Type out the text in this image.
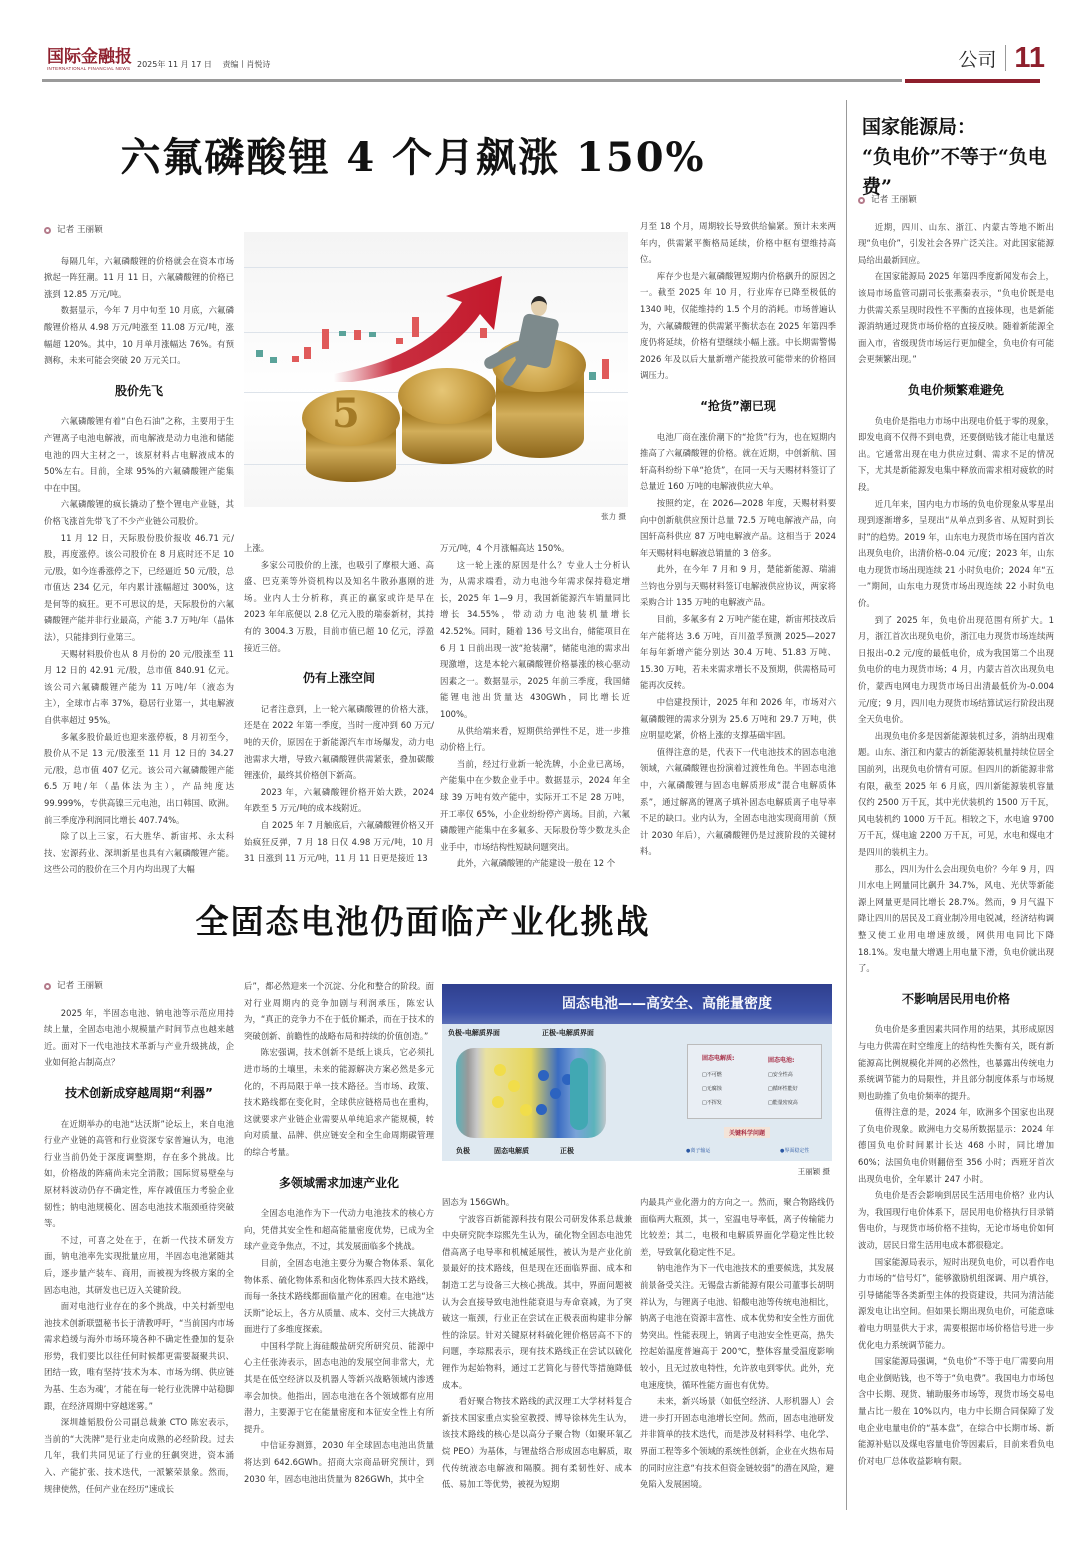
国际金融报
INTERNATIONAL FINANCIAL NEWS 2025年 11 月 17 日 责编丨肖悦诗	公司 11
六氟磷酸锂 4 个月飙涨 150%
记者 王丽颖

每隔几年，六氟磷酸锂的价格就会在资本市场掀起一阵狂潮。11 月 11 日，六氟磷酸锂的价格已涨到 12.85 万元/吨。

数据显示，今年 7 月中旬至 10 月底，六氟磷酸锂价格从 4.98 万元/吨涨至 11.08 万元/吨，涨幅超 120%。其中，10 月单月涨幅达 76%。有预测称，未来可能会突破 20 万元关口。

股价先飞

六氟磷酸锂有着“白色石油”之称，主要用于生产锂离子电池电解液，而电解液是动力电池和储能电池的四大主材之一，该原材料占电解液成本的 50%左右。目前，全球 95%的六氟磷酸锂产能集中在中国。

六氟磷酸锂的疯长撬动了整个锂电产业链，其价格飞涨首先带飞了不少产业链公司股价。

11 月 12 日，天际股份股价报收 46.71 元/股，再度涨停。该公司股价在 8 月底时还不足 10 元/股，如今连番涨停之下，已经逼近 50 元/股，总市值达 234 亿元，年内累计涨幅超过 300%，这是何等的疯狂。更不可思议的是，天际股份的六氟磷酸锂产能并非行业最高，产能 3.7 万吨/年（晶体法），只能排到行业第三。

天赐材料股价也从 8 月份的 20 元/股涨至 11 月 12 日的 42.91 元/股，总市值 840.91 亿元。该公司六氟磷酸锂产能为 11 万吨/年（液态为主），全球市占率 37%，稳居行业第一，其电解液自供率超过 95%。

多氟多股价最近也迎来涨停板，8 月初至今，股价从不足 13 元/股涨至 11 月 12 日的 34.27 元/股，总市值 407 亿元。该公司六氟磷酸锂产能 6.5 万吨/年（晶体法为主），产品纯度达 99.999%，专供高镍三元电池，出口韩国、欧洲。前三季度净利润同比增长 407.74%。

除了以上三家，石大胜华、新宙邦、永太科技、宏源药业、深圳新星也具有六氟磷酸锂产能。这些公司的股价在三个月内均出现了大幅

5
张力 摄

上涨。

多家公司股价的上涨，也吸引了摩根大通、高盛、巴克莱等外资机构以及知名牛散孙惠刚的进场。业内人士分析称，真正的赢家或许是早在 2023 年年底便以 2.8 亿元入股的瑞泰新材，其持有的 3004.3 万股，目前市值已超 10 亿元，浮盈接近三倍。

仍有上涨空间

记者注意到，上一轮六氟磷酸锂的价格大涨，还是在 2022 年第一季度，当时一度冲到 60 万元/吨的天价，原因在于新能源汽车市场爆发，动力电池需求大增，导致六氟磷酸锂供需紧张，叠加碳酸锂涨价，最终其价格创下新高。

2023 年，六氟磷酸锂价格开始大跌，2024 年跌至 5 万元/吨的成本线附近。

自 2025 年 7 月触底后，六氟磷酸锂价格又开始疯狂反弹，7 月 18 日仅 4.98 万元/吨，10 月 31 日涨到 11 万元/吨，11 月 11 日更是接近 13

万元/吨，4 个月涨幅高达 150%。

这一轮上涨的原因是什么？专业人士分析认为，从需求端看，动力电池今年需求保持稳定增长，2025 年 1—9 月，我国新能源汽车销量同比增长 34.55%，带动动力电池装机量增长 42.52%。同时，随着 136 号文出台，储能项目在 6 月 1 日前出现一波“抢装潮”，储能电池的需求出现激增，这是本轮六氟磷酸锂价格暴涨的核心驱动因素之一。数据显示，2025 年前三季度，我国储能锂电池出货量达 430GWh，同比增长近 100%。

从供给端来看，短期供给弹性不足，进一步推动价格上行。

当前，经过行业新一轮洗牌，小企业已离场，产能集中在少数企业手中。数据显示，2024 年全球 39 万吨有效产能中，实际开工不足 28 万吨，开工率仅 65%，小企业纷纷停产离场。目前，六氟磷酸锂产能集中在多氟多、天际股份等少数龙头企业手中，市场结构性短缺问题突出。

此外，六氟磷酸锂的产能建设一般在 12 个

月至 18 个月，周期较长导致供给偏紧。预计未来两年内，供需紧平衡格局延续，价格中枢有望维持高位。

库存少也是六氟磷酸锂短期内价格飙升的原因之一。截至 2025 年 10 月，行业库存已降至极低的 1340 吨，仅能维持约 1.5 个月的消耗。市场普遍认为，六氟磷酸锂的供需紧平衡状态在 2025 年第四季度仍将延续，价格有望继续小幅上涨。中长期需警惕 2026 年及以后大量新增产能投放可能带来的价格回调压力。

“抢货”潮已现

电池厂商在涨价潮下的“抢货”行为，也在短期内推高了六氟磷酸锂的价格。就在近期，中创新航、国轩高科纷纷下单“抢货”，在同一天与天赐材料签订了总量近 160 万吨的电解液供应大单。

按照约定，在 2026—2028 年度，天赐材料要向中创新航供应预计总量 72.5 万吨电解液产品，向国轩高科供应 87 万吨电解液产品。这相当于 2024 年天赐材料电解液总销量的 3 倍多。

此外，在今年 7 月和 9 月，楚能新能源、瑞浦兰钧也分别与天赐材料签订电解液供应协议，两家将采购合计 135 万吨的电解液产品。

目前，多氟多有 2 万吨产能在建，新宙邦技改后年产能将达 3.6 万吨，百川盈孚预测 2025—2027 年每年新增产能分别达 30.4 万吨、51.83 万吨、15.30 万吨，若未来需求增长不及预期，供需格局可能再次反转。

中信建投预计，2025 年和 2026 年，市场对六氟磷酸锂的需求分别为 25.6 万吨和 29.7 万吨，供应明显吃紧，价格上涨的支撑基础牢固。

值得注意的是，代表下一代电池技术的固态电池领域，六氟磷酸锂也扮演着过渡性角色。半固态电池中，六氟磷酸锂与固态电解质形成“混合电解质体系”，通过解离的锂离子填补固态电解质离子电导率不足的缺口。业内认为，全固态电池实现商用前（预计 2030 年后），六氟磷酸锂仍是过渡阶段的关键材料。

全固态电池仍面临产业化挑战
记者 王丽颖

2025 年，半固态电池、钠电池等示范应用持续上量，全固态电池小规模量产时间节点也越来越近。面对下一代电池技术革新与产业升级挑战，企业如何抢占制高点？

技术创新成穿越周期“利器”

在近期举办的电池“达沃斯”论坛上，来自电池行业产业链的高管和行业资深专家普遍认为，电池行业当前仍处于深度调整期，存在多个挑战。比如，价格战的阵痛尚未完全消散；国际贸易壁垒与原材料波动仍存不确定性，库存减值压力考验企业韧性；钠电池规模化、固态电池技术瓶颈亟待突破等。

不过，可喜之处在于，在新一代技术研发方面，钠电池率先实现批量应用，半固态电池紧随其后，逐步量产装车、商用，而被视为终极方案的全固态电池，其研发也已迈入关键阶段。

面对电池行业存在的多个挑战，中关村新型电池技术创新联盟秘书长于清教呼吁，“当前国内市场需求趋缓与海外市场环境各种不确定性叠加的复杂形势，我们要比以往任何时候都更需要凝聚共识、团结一致，唯有坚持‘技术为本、市场为纲、供应链为基、生态为魂’，才能在每一轮行业洗牌中站稳脚跟，在经济周期中穿越迷雾。”

深圳雄韬股份公司副总裁兼 CTO 陈宏表示，当前的“大洗牌”是行业走向成熟的必经阶段。过去几年，我们共同见证了行业的狂飙突进，资本涌入、产能扩张、技术迭代，一派繁荣景象。然而，规律使然，任何产业在经历“速成长

后”，都必然迎来一个沉淀、分化和整合的阶段。面对行业周期内的竞争加剧与利润承压，陈宏认为，“真正的竞争力不在于低价厮杀，而在于技术的突破创新、前瞻性的战略布局和持续的价值创造。”

陈宏强调，技术创新不是纸上谈兵，它必须扎进市场的土壤里，未来的能源解决方案必然是多元化的，不再局限于单一技术路径。当市场、政策、技术路线都在变化时，全球供应链格局也在重构，这就要求产业链企业需要从单纯追求产能规模，转向对质量、品牌、供应链安全和全生命周期碳管理的综合考量。

多领域需求加速产业化

全固态电池作为下一代动力电池技术的核心方向，凭借其安全性和超高能量密度优势，已成为全球产业竞争焦点，不过，其发展面临多个挑战。

目前，全固态电池主要分为聚合物体系、氧化物体系、硫化物体系和卤化物体系四大技术路线，而每一条技术路线都面临量产化的困难。在电池“达沃斯”论坛上，各方从质量、成本、交付三大挑战方面进行了多维度探索。

中国科学院上海硅酸盐研究所研究员、能源中心主任张涛表示，固态电池的发展空间非常大，尤其是在低空经济以及机器人等新兴战略领域内渗透率会加快。他指出，固态电池在各个领域都有应用潜力，主要源于它在能量密度和本征安全性上有所提升。

中信证券测算，2030 年全球固态电池出货量将达到 642.6GWh。招商大宗商品研究预计，到 2030 年，固态电池出货量为 826GWh，其中全

固态电池——高安全、高能量密度
负极-电解质界面	正极-电解质界面
负极	固态电解质	正极
固态电解质:
□不可燃
□无腐蚀
□不挥发
固态电池:
□安全性高
□循环性能好
□能量密度高
关键科学问题
●离子输运	●界面稳定性
王丽颖 摄

固态为 156GWh。

宁波容百新能源科技有限公司研发体系总裁兼中央研究院李琮熙先生认为，硫化物全固态电池凭借高离子电导率和机械延展性，被认为是产业化前景最好的技术路线，但是现在还面临界面、成本和制造工艺与设备三大核心挑战。其中，界面问题被认为会直接导致电池性能衰退与寿命衰减，为了突破这一瓶颈，行业正在尝试在正极表面构建非分解性的涂层。针对关键原材料硫化锂价格居高不下的问题，李琮熙表示，现有技术路线正在尝试以硫化锂作为起始物料，通过工艺简化与替代等措施降低成本。

看好聚合物技术路线的武汉理工大学材料复合新技术国家重点实验室教授、博导徐林先生认为，该技术路线的核心是以高分子聚合物（如聚环氧乙烷 PEO）为基体，与锂盐络合形成固态电解质，取代传统液态电解液和隔膜。拥有柔韧性好、成本低、易加工等优势，被视为短期

内最具产业化潜力的方向之一。然而，聚合物路线仍面临两大瓶颈，其一，室温电导率低，离子传输能力比较差；其二，电极和电解质界面化学稳定性比较差，导致氧化稳定性不足。

钠电池作为下一代电池技术的重要候选，其发展前景备受关注。无锡盘古新能源有限公司董事长胡明祥认为，与锂离子电池、铅酸电池等传统电池相比，钠离子电池在资源丰富性、成本优势和安全性方面优势突出。性能表现上，钠离子电池安全性更高，热失控起始温度普遍高于 200℃，整体容量受温度影响较小，且无过放电特性，允许放电到零伏。此外，充电速度快，循环性能方面也有优势。

未来，新兴场景（如低空经济、人形机器人）会进一步打开固态电池增长空间。然而，固态电池研发并非简单的技术迭代，而是涉及材料科学、电化学、界面工程等多个领域的系统性创新，企业在火热布局的同时应注意“有技术但资金链较弱”的潜在风险，避免陷入发展困境。

国家能源局：
“负电价”不等于“负电费”
记者 王丽颖

近期，四川、山东、浙江、内蒙古等地不断出现“负电价”，引发社会各界广泛关注。对此国家能源局给出最新回应。

在国家能源局 2025 年第四季度新闻发布会上，该局市场监管司副司长张燕秦表示，“负电价既是电力供需关系呈现时段性不平衡的直接体现，也是新能源消纳通过现货市场价格的直接反映。随着新能源全面入市，省级现货市场运行更加健全，负电价有可能会更频繁出现。”

负电价频繁难避免

负电价是指电力市场中出现电价低于零的现象，即发电商不仅得不到电费，还要倒贴钱才能让电量送出。它通常出现在电力供应过剩、需求不足的情况下，尤其是新能源发电集中释放而需求相对疲软的时段。

近几年来，国内电力市场的负电价现象从零星出现到逐渐增多，呈现出“从单点到多省、从短时到长时”的趋势。2019 年，山东电力现货市场在国内首次出现负电价，出清价格-0.04 元/度；2023 年，山东电力现货市场出现连续 21 小时负电价；2024 年“五一”期间，山东电力现货市场出现连续 22 小时负电价。

到了 2025 年，负电价出现范围有所扩大。1 月，浙江首次出现负电价，浙江电力现货市场连续两日报出-0.2 元/度的最低电价，成为我国第二个出现负电价的电力现货市场；4 月，内蒙古首次出现负电价，蒙西电网电力现货市场日出清最低价为-0.004 元/度；9 月，四川电力现货市场结算试运行阶段出现全天负电价。

出现负电价多是因新能源装机过多，消纳出现难题。山东、浙江和内蒙古的新能源装机量持续位居全国前列，出现负电价情有可原。但四川的新能源非常有限，截至 2025 年 6 月底，四川新能源装机容量仅约 2500 万千瓦，其中光伏装机约 1500 万千瓦，风电装机约 1000 万千瓦。相较之下，水电逾 9700 万千瓦，煤电逾 2200 万千瓦，可见，水电和煤电才是四川的装机主力。

那么，四川为什么会出现负电价？今年 9 月，四川水电上网量同比飙升 34.7%，风电、光伏等新能源上网量更是同比增长 28.7%。然而，9 月气温下降让四川的居民及工商业制冷用电锐减，经济结构调整又使工业用电增速放缓，网供用电同比下降 18.1%。发电量大增遇上用电量下滑，负电价就出现了。

不影响居民用电价格

负电价是多重因素共同作用的结果，其形成原因与电力供需在时空维度上的结构性失衡有关，既有新能源高比例规模化并网的必然性，也暴露出传统电力系统调节能力的局限性，并且部分制度体系与市场规则也助推了负电价频率的提升。

值得注意的是，2024 年，欧洲多个国家也出现了负电价现象。欧洲电力交易所数据显示：2024 年德国负电价时间累计长达 468 小时，同比增加 60%；法国负电价则翻倍至 356 小时；西班牙首次出现负电价，全年累计 247 小时。

负电价是否会影响到居民生活用电价格？业内认为，我国现行电价体系下，居民用电价格执行目录销售电价，与现货市场价格不挂钩，无论市场电价如何波动，居民日常生活用电成本都很稳定。

国家能源局表示，短时出现负电价，可以看作电力市场的“信号灯”，能够激励机组深调、用户填谷，引导储能等各类新型主体的投资建设，共同为清洁能源发电让出空间。但如果长期出现负电价，可能意味着电力明显供大于求，需要根据市场价格信号进一步优化电力系统调节能力。

国家能源局强调，“负电价”不等于电厂需要向用电企业倒贴钱，也不等于“负电费”。我国电力市场包含中长期、现货、辅助服务市场等，现货市场交易电量占比一般在 10%以内，电力中长期合同保障了发电企业电量电价的“基本盘”，在综合中长期市场、新能源补贴以及煤电容量电价等因素后，目前来看负电价对电厂总体收益影响有限。
